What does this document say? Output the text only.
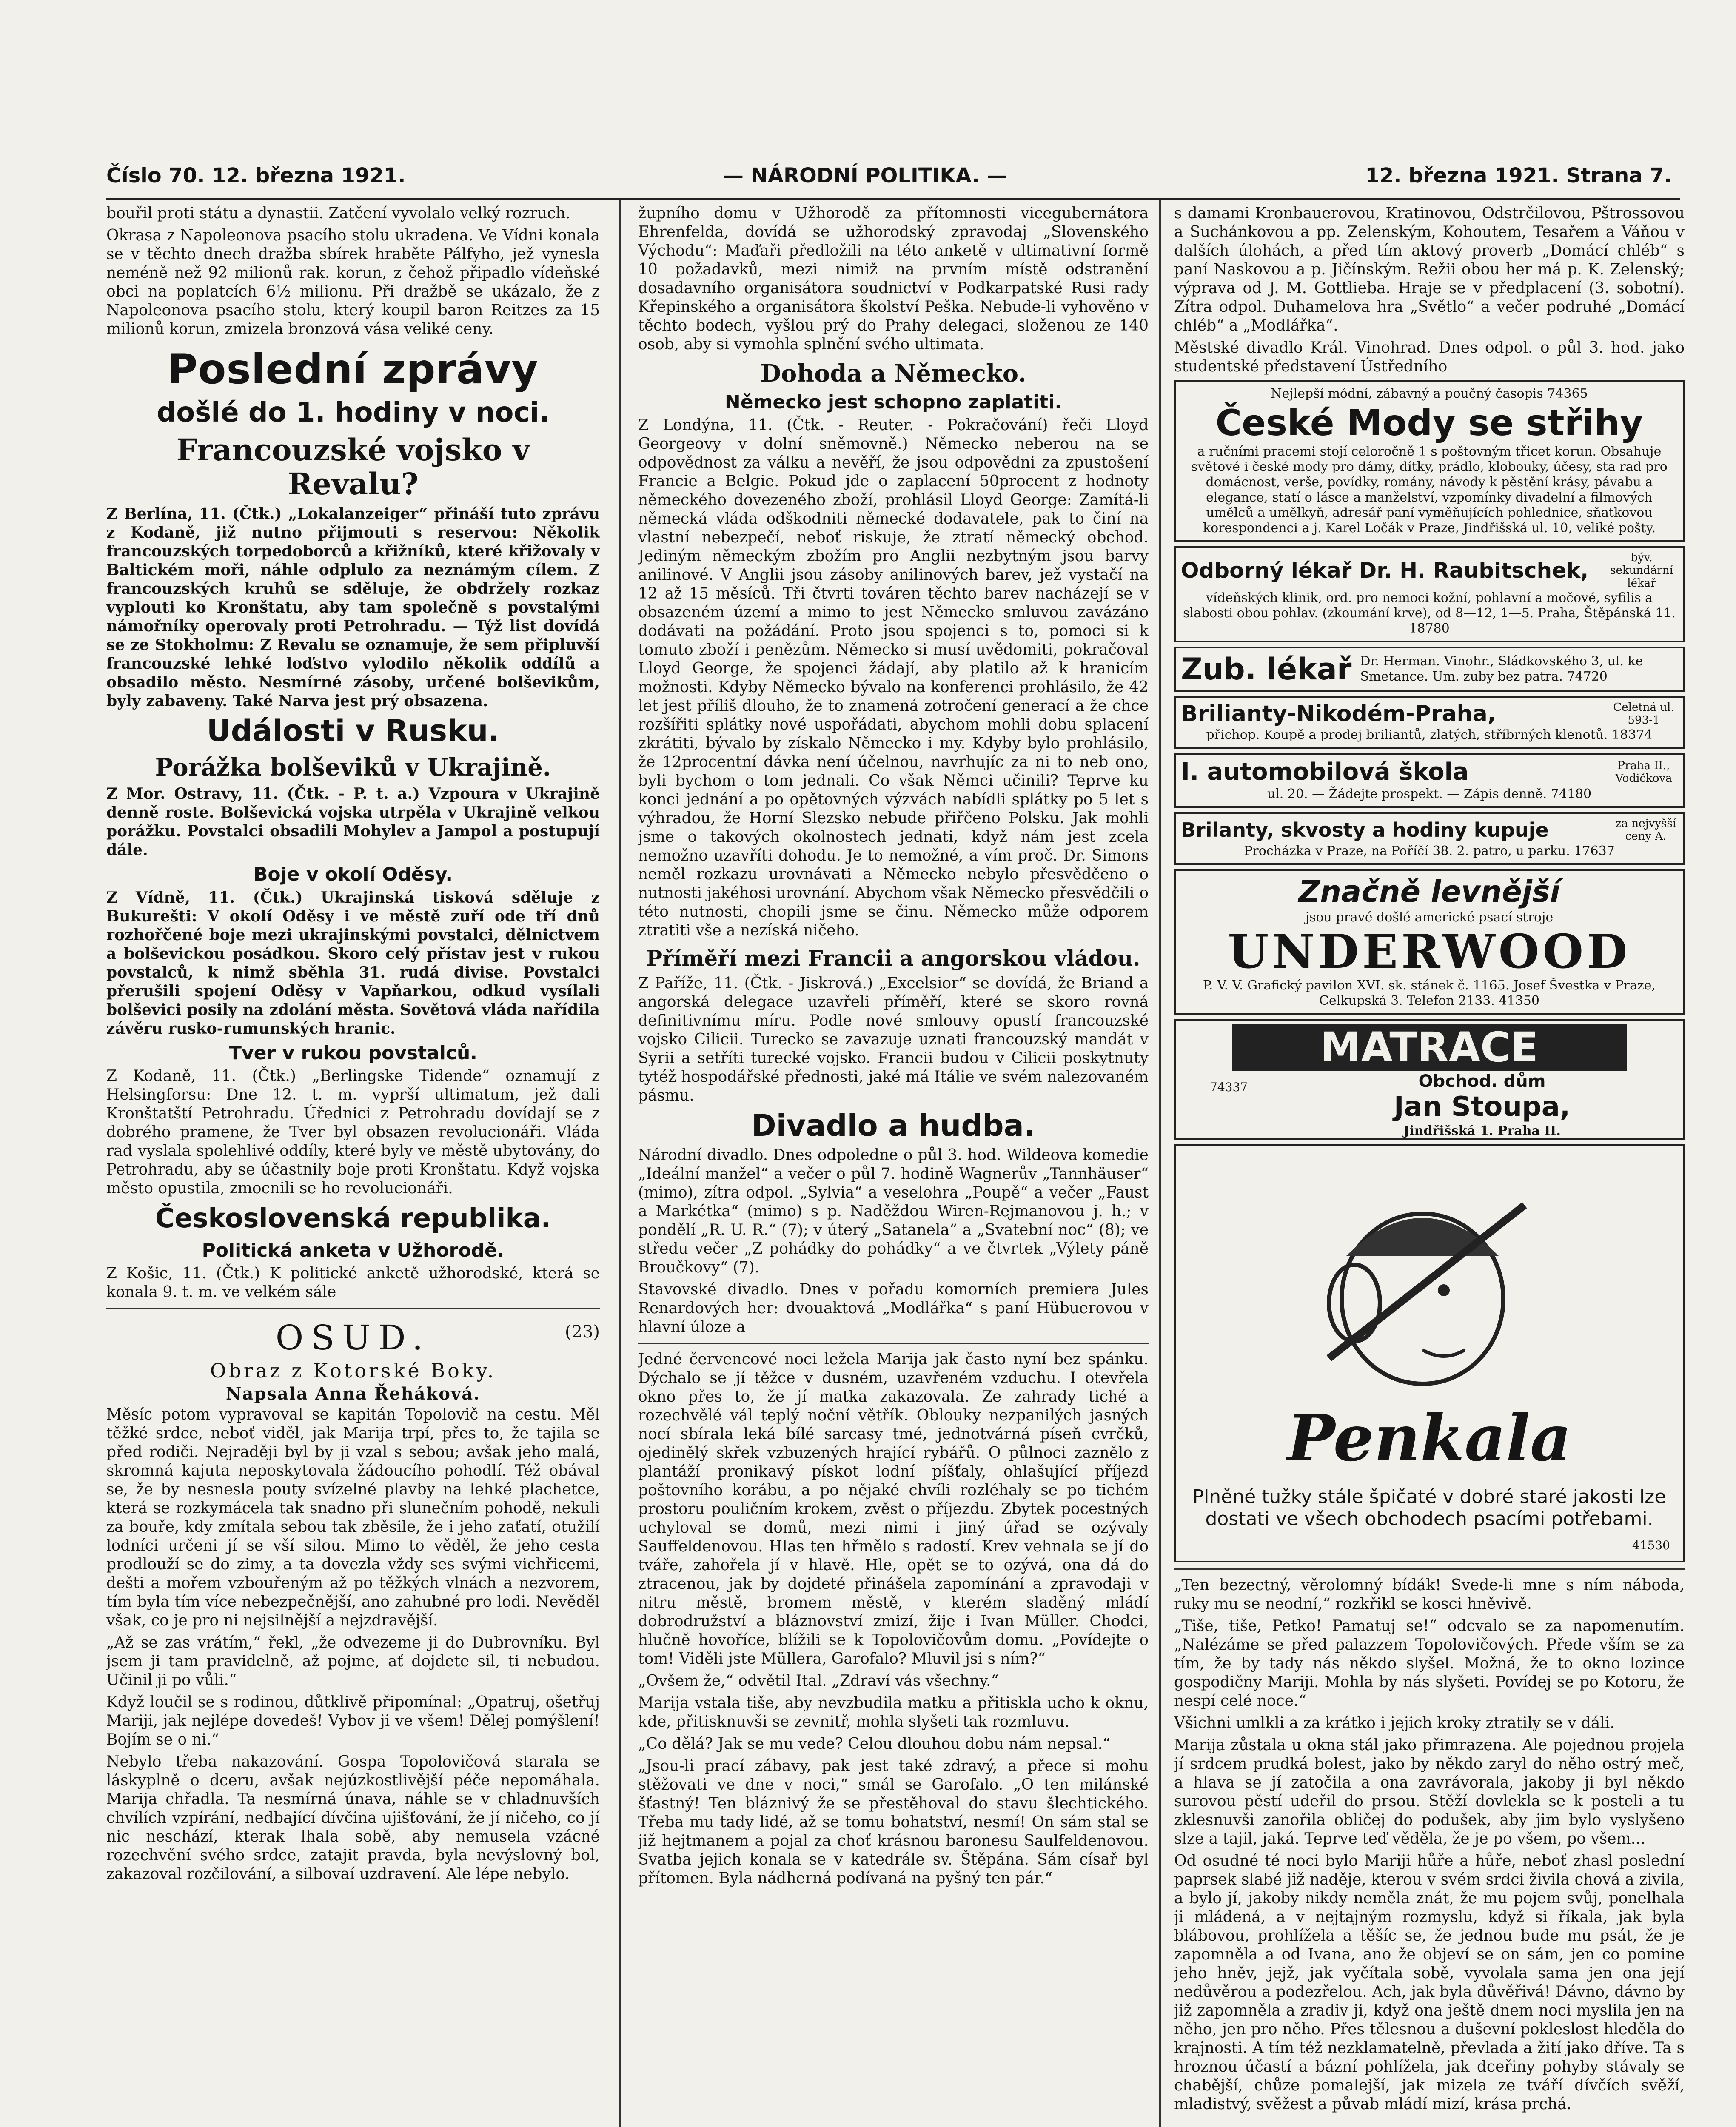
Číslo 70. 12. března 1921.	— NÁRODNÍ POLITIKA. —	12. března 1921. Strana 7.

bouřil proti státu a dynastii. Zatčení vyvolalo velký rozruch.

Okrasa z Napoleonova psacího stolu ukradena. Ve Vídni konala se v těchto dnech dražba sbírek hraběte Pálfyho, jež vynesla neméně než 92 milionů rak. korun, z čehož připadlo vídeňské obci na poplatcích 6½ milionu. Při dražbě se ukázalo, že z Napoleonova psacího stolu, který koupil baron Reitzes za 15 milionů korun, zmizela bronzová vása veliké ceny.

Poslední zprávy
došlé do 1. hodiny v noci.
Francouzské vojsko v Revalu?

Z Berlína, 11. (Čtk.) „Lokalanzeiger“ přináší tuto zprávu z Kodaně, již nutno přijmouti s reservou: Několik francouzských torpedoborců a křižníků, které křižovaly v Baltickém moři, náhle odplulo za neznámým cílem. Z francouzských kruhů se sděluje, že obdržely rozkaz vyplouti ko Kronštatu, aby tam společně s povstalými námořníky operovaly proti Petrohradu. — Týž list dovídá se ze Stokholmu: Z Revalu se oznamuje, že sem připluvší francouzské lehké loďstvo vylodilo několik oddílů a obsadilo město. Nesmírné zásoby, určené bolševikům, byly zabaveny. Také Narva jest prý obsazena.

Události v Rusku.
Porážka bolševiků v Ukrajině.

Z Mor. Ostravy, 11. (Čtk. - P. t. a.) Vzpoura v Ukrajině denně roste. Bolševická vojska utrpěla v Ukrajině velkou porážku. Povstalci obsadili Mohylev a Jampol a postupují dále.

Boje v okolí Oděsy.

Z Vídně, 11. (Čtk.) Ukrajinská tisková sděluje z Bukurešti: V okolí Oděsy i ve městě zuří ode tří dnů rozhořčené boje mezi ukrajinskými povstalci, dělnictvem a bolševickou posádkou. Skoro celý přístav jest v rukou povstalců, k nimž sběhla 31. rudá divise. Povstalci přerušili spojení Oděsy v Vapňarkou, odkud vysílali bolševici posily na zdolání města. Sovětová vláda nařídila závěru rusko-rumunských hranic.

Tver v rukou povstalců.

Z Kodaně, 11. (Čtk.) „Berlingske Tidende“ oznamují z Helsingforsu: Dne 12. t. m. vyprší ultimatum, jež dali Kronštatští Petrohradu. Úřednici z Petrohradu dovídají se z dobrého pramene, že Tver byl obsazen revolucionáři. Vláda rad vyslala spolehlivé oddíly, které byly ve městě ubytovány, do Petrohradu, aby se účastnily boje proti Kronštatu. Když vojska město opustila, zmocnili se ho revolucionáři.

Československá republika.
Politická anketa v Užhorodě.

Z Košic, 11. (Čtk.) K politické anketě užhorodské, která se konala 9. t. m. ve velkém sále

OSUD.	(23)
Obraz z Kotorské Boky.
Napsala Anna Řeháková.

Měsíc potom vypravoval se kapitán Topolovič na cestu. Měl těžké srdce, neboť viděl, jak Marija trpí, přes to, že tajila se před rodiči. Nejraději byl by ji vzal s sebou; avšak jeho malá, skromná kajuta neposkytovala žádoucího pohodlí. Též obával se, že by nesnesla pouty svízelné plavby na lehké plachetce, která se rozkymácela tak snadno při slunečním pohodě, nekuli za bouře, kdy zmítala sebou tak zběsile, že i jeho zaťatí, otužilí lodníci určeni jí se vší silou. Mimo to věděl, že jeho cesta prodlouží se do zimy, a ta dovezla vždy ses svými vichřicemi, dešti a mořem vzbouřeným až po těžkých vlnách a nezvorem, tím byla tím více nebezpečnější, ano zahubné pro lodi. Nevěděl však, co je pro ni nejsilnější a nejzdravější.

„Až se zas vrátím,“ řekl, „že odvezeme ji do Dubrovníku. Byl jsem ji tam pravidelně, až pojme, ať dojdete sil, ti nebudou. Učinil ji po vůli.“

Když loučil se s rodinou, důtklivě připomínal: „Opatruj, ošetřuj Mariji, jak nejlépe dovedeš! Vybov ji ve všem! Dělej pomýšlení! Bojím se o ni.“

Nebylo třeba nakazování. Gospa Topolovičová starala se láskyplně o dceru, avšak nejúzkostlivější péče nepomáhala. Marija chřadla. Ta nesmírná únava, náhle se v chladnuvších chvílích vzpírání, nedbající dívčina ujišťování, že jí ničeho, co jí nic neschází, kterak lhala sobě, aby nemusela vzácné rozechvění svého srdce, zatajit pravda, byla nevýslovný bol, zakazoval rozčilování, a silbovaí uzdravení. Ale lépe nebylo.

župního domu v Užhorodě za přítomnosti vicegubernátora Ehrenfelda, dovídá se užhorodský zpravodaj „Slovenského Východu“: Maďaři předložili na této anketě v ultimativní formě 10 požadavků, mezi nimiž na prvním místě odstranění dosadavního organisátora soudnictví v Podkarpatské Rusi rady Křepinského a organisátora školství Peška. Nebude-li vyhověno v těchto bodech, vyšlou prý do Prahy delegaci, složenou ze 140 osob, aby si vymohla splnění svého ultimata.

Dohoda a Německo.
Německo jest schopno zaplatiti.

Z Londýna, 11. (Čtk. - Reuter. - Pokračování) řeči Lloyd Georgeovy v dolní sněmovně.) Německo neberou na se odpovědnost za válku a nevěří, že jsou odpovědni za zpustošení Francie a Belgie. Pokud jde o zaplacení 50procent z hodnoty německého dovezeného zboží, prohlásil Lloyd George: Zamítá-li německá vláda odškodniti německé dodavatele, pak to činí na vlastní nebezpečí, neboť riskuje, že ztratí německý obchod. Jediným německým zbožím pro Anglii nezbytným jsou barvy anilinové. V Anglii jsou zásoby anilinových barev, jež vystačí na 12 až 15 měsíců. Tři čtvrti továren těchto barev nacházejí se v obsazeném území a mimo to jest Německo smluvou zavázáno dodávati na požádání. Proto jsou spojenci s to, pomoci si k tomuto zboží i penězům. Německo si musí uvědomiti, pokračoval Lloyd George, že spojenci žádají, aby platilo až k hranicím možnosti. Kdyby Německo bývalo na konferenci prohlásilo, že 42 let jest příliš dlouho, že to znamená zotročení generací a že chce rozšířiti splátky nové uspořádati, abychom mohli dobu splacení zkrátiti, bývalo by získalo Německo i my. Kdyby bylo prohlásilo, že 12procentní dávka není účelnou, navrhujíc za ni to neb ono, byli bychom o tom jednali. Co však Němci učinili? Teprve ku konci jednání a po opětovných výzvách nabídli splátky po 5 let s výhradou, že Horní Slezsko nebude přiřčeno Polsku. Jak mohli jsme o takových okolnostech jednati, když nám jest zcela nemožno uzavříti dohodu. Je to nemožné, a vím proč. Dr. Simons neměl rozkazu urovnávati a Německo nebylo přesvědčeno o nutnosti jakéhosi urovnání. Abychom však Německo přesvědčili o této nutnosti, chopili jsme se činu. Německo může odporem ztratiti vše a nezíská ničeho.

Příměří mezi Francii a angorskou vládou.

Z Paříže, 11. (Čtk. - Jiskrová.) „Excelsior“ se dovídá, že Briand a angorská delegace uzavřeli příměří, které se skoro rovná definitivnímu míru. Podle nové smlouvy opustí francouzské vojsko Cilicii. Turecko se zavazuje uznati francouzský mandát v Syrii a setříti turecké vojsko. Francii budou v Cilicii poskytnuty tytéž hospodářské přednosti, jaké má Itálie ve svém nalezovaném pásmu.

Divadlo a hudba.

Národní divadlo. Dnes odpoledne o půl 3. hod. Wildeova komedie „Ideální manžel“ a večer o půl 7. hodině Wagnerův „Tannhäuser“ (mimo), zítra odpol. „Sylvia“ a veselohra „Poupě“ a večer „Faust a Markétka“ (mimo) s p. Naděždou Wiren-Rejmanovou j. h.; v pondělí „R. U. R.“ (7); v úterý „Satanela“ a „Svatební noc“ (8); ve středu večer „Z pohádky do pohádky“ a ve čtvrtek „Výlety páně Broučkovy“ (7).

Stavovské divadlo. Dnes v pořadu komorních premiera Jules Renardových her: dvouaktová „Modlářka“ s paní Hübuerovou v hlavní úloze a

Jedné červencové noci ležela Marija jak často nyní bez spánku. Dýchalo se jí těžce v dusném, uzavřeném vzduchu. I otevřela okno přes to, že jí matka zakazovala. Ze zahrady tiché a rozechvělé vál teplý noční větřík. Oblouky nezpanilých jasných nocí sbírala leká bílé sarcasy tmé, jednotvárná píseň cvrčků, ojedinělý skřek vzbuzených hrající rybářů. O půlnoci zaznělo z plantáží pronikavý pískot lodní píšťaly, ohlašující příjezd poštovního korábu, a po nějaké chvíli rozléhaly se po tichém prostoru pouličním krokem, zvěst o příjezdu. Zbytek pocestných uchyloval se domů, mezi nimi i jiný úřad se ozývaly Sauffeldenovou. Hlas ten hřmělo s radostí. Krev vehnala se jí do tváře, zahořela jí v hlavě. Hle, opět se to ozývá, ona dá do ztracenou, jak by dojdeté přinášela zapomínání a zpravodaji v nitru městě, bromem městě, v kterém sladěný mládí dobrodružství a bláznovství zmizí, žije i Ivan Müller. Chodci, hlučně hovoříce, blížili se k Topolovičovům domu. „Povídejte o tom! Viděli jste Müllera, Garofalo? Mluvil jsi s ním?“

„Ovšem že,“ odvětil Ital. „Zdraví vás všechny.“

Marija vstala tiše, aby nevzbudila matku a přitiskla ucho k oknu, kde, přitisknuvši se zevnitř, mohla slyšeti tak rozmluvu.

„Co dělá? Jak se mu vede? Celou dlouhou dobu nám nepsal.“

„Jsou-li prací zábavy, pak jest také zdravý, a přece si mohu stěžovati ve dne v noci,“ smál se Garofalo. „O ten milánské šťastný! Ten bláznivý že se přestěhoval do stavu šlechtického. Třeba mu tady lidé, až se tomu bohatství, nesmí! On sám stal se již hejtmanem a pojal za choť krásnou baronesu Saulfeldenovou. Svatba jejich konala se v katedrále sv. Štěpána. Sám císař byl přítomen. Byla nádherná podívaná na pyšný ten pár.“

s damami Kronbauerovou, Kratinovou, Odstrčilovou, Pštrossovou a Suchánkovou a pp. Zelenským, Kohoutem, Tesařem a Váňou v dalších úlohách, a před tím aktový proverb „Domácí chléb“ s paní Naskovou a p. Jičínským. Režii obou her má p. K. Zelenský; výprava od J. M. Gottlieba. Hraje se v předplacení (3. sobotní). Zítra odpol. Duhamelova hra „Světlo“ a večer podruhé „Domácí chléb“ a „Modlářka“.

Městské divadlo Král. Vinohrad. Dnes odpol. o půl 3. hod. jako studentské představení Ústředního

Nejlepší módní, zábavný a poučný časopis 74365
České Mody se střihy
a ručními pracemi stojí celoročně 1 s poštovným třicet korun. Obsahuje světové i české mody pro dámy, dítky, prádlo, klobouky, účesy, sta rad pro domácnost, verše, povídky, romány, návody k pěstění krásy, pávabu a elegance, statí o lásce a manželství, vzpomínky divadelní a filmových umělců a umělkyň, adresář paní vyměňujících pohlednice, sňatkovou korespondenci a j. Karel Ločák v Praze, Jindřišská ul. 10, veliké pošty.
Odborný lékař Dr. H. Raubitschek,
býv. sekundární lékař
vídeňských klinik, ord. pro nemoci kožní, pohlavní a močové, syfilis a slabosti obou pohlav. (zkoumání krve), od 8—12, 1—5. Praha, Štěpánská 11. 18780
Zub. lékař Dr. Herman. Vinohr., Sládkovského 3, ul. ke Smetance. Um. zuby bez patra. 74720
Brilianty-Nikodém-Praha,	Celetná ul. 593-1
přichop. Koupě a prodej briliantů, zlatých, stříbrných klenotů. 18374
I. automobilová škola	Praha II., Vodičkova
ul. 20. — Žádejte prospekt. — Zápis denně. 74180
Brilanty, skvosty a hodiny kupuje	za nejvyšší ceny A.
Procházka v Praze, na Poříčí 38. 2. patro, u parku. 17637
Značně levnější
jsou pravé došlé americké psací stroje
UNDERWOOD
P. V. V. Grafický pavilon XVI. sk. stánek č. 1165. Josef Švestka v Praze, Celkupská 3. Telefon 2133. 41350
MATRACE
74337	Obchod. dům
Jan Stoupa,
Jindřišská 1. Praha II.
Penkala
Plněné tužky stále špičaté v dobré staré jakosti lze dostati ve všech obchodech psacími potřebami.
41530

„Ten bezectný, věrolomný bídák! Svede-li mne s ním náboda, ruky mu se neodní,“ rozkřikl se kosci hněvivě.

„Tiše, tiše, Petko! Pamatuj se!“ odcvalo se za napomenutím. „Nalézáme se před palazzem Topolovičových. Přede vším se za tím, že by tady nás někdo slyšel. Možná, že to okno lozince gospodičny Mariji. Mohla by nás slyšeti. Povídej se po Kotoru, že nespí celé noce.“

Všichni umlkli a za krátko i jejich kroky ztratily se v dáli.

Marija zůstala u okna stál jako přimrazena. Ale pojednou projela jí srdcem prudká bolest, jako by někdo zaryl do něho ostrý meč, a hlava se jí zatočila a ona zavrávorala, jakoby ji byl někdo surovou pěstí udeřil do prsou. Stěží dovlekla se k posteli a tu zklesnuvši zanořila obličej do podušek, aby jim bylo vyslyšeno slze a tajil, jaká. Teprve teď věděla, že je po všem, po všem...

Od osudné té noci bylo Mariji hůře a hůře, neboť zhasl poslední paprsek slabé již naděje, kterou v svém srdci živila chová a zivila, a bylo jí, jakoby nikdy neměla znát, že mu pojem svůj, ponelhala ji mládená, a v nejtajným rozmyslu, když si říkala, jak byla blábovou, prohlížela a těšíc se, že jednou bude mu psát, že je zapomněla a od Ivana, ano že objeví se on sám, jen co pomine jeho hněv, jejž, jak vyčítala sobě, vyvolala sama jen ona její nedůvěrou a podezřelou. Ach, jak byla důvěřivá! Dávno, dávno by již zapomněla a zradiv ji, když ona ještě dnem noci myslila jen na něho, jen pro něho. Přes tělesnou a duševní pokleslost hleděla do krajnosti. A tím též nezklamatelně, převlada a žití jako dříve. Ta s hroznou účastí a bázní pohlížela, jak dceřiny pohyby stávaly se chabější, chůze pomalejší, jak mizela ze tváří dívčích svěží, mladistvý, svěžest a půvab mládí mizí, krása prchá.
